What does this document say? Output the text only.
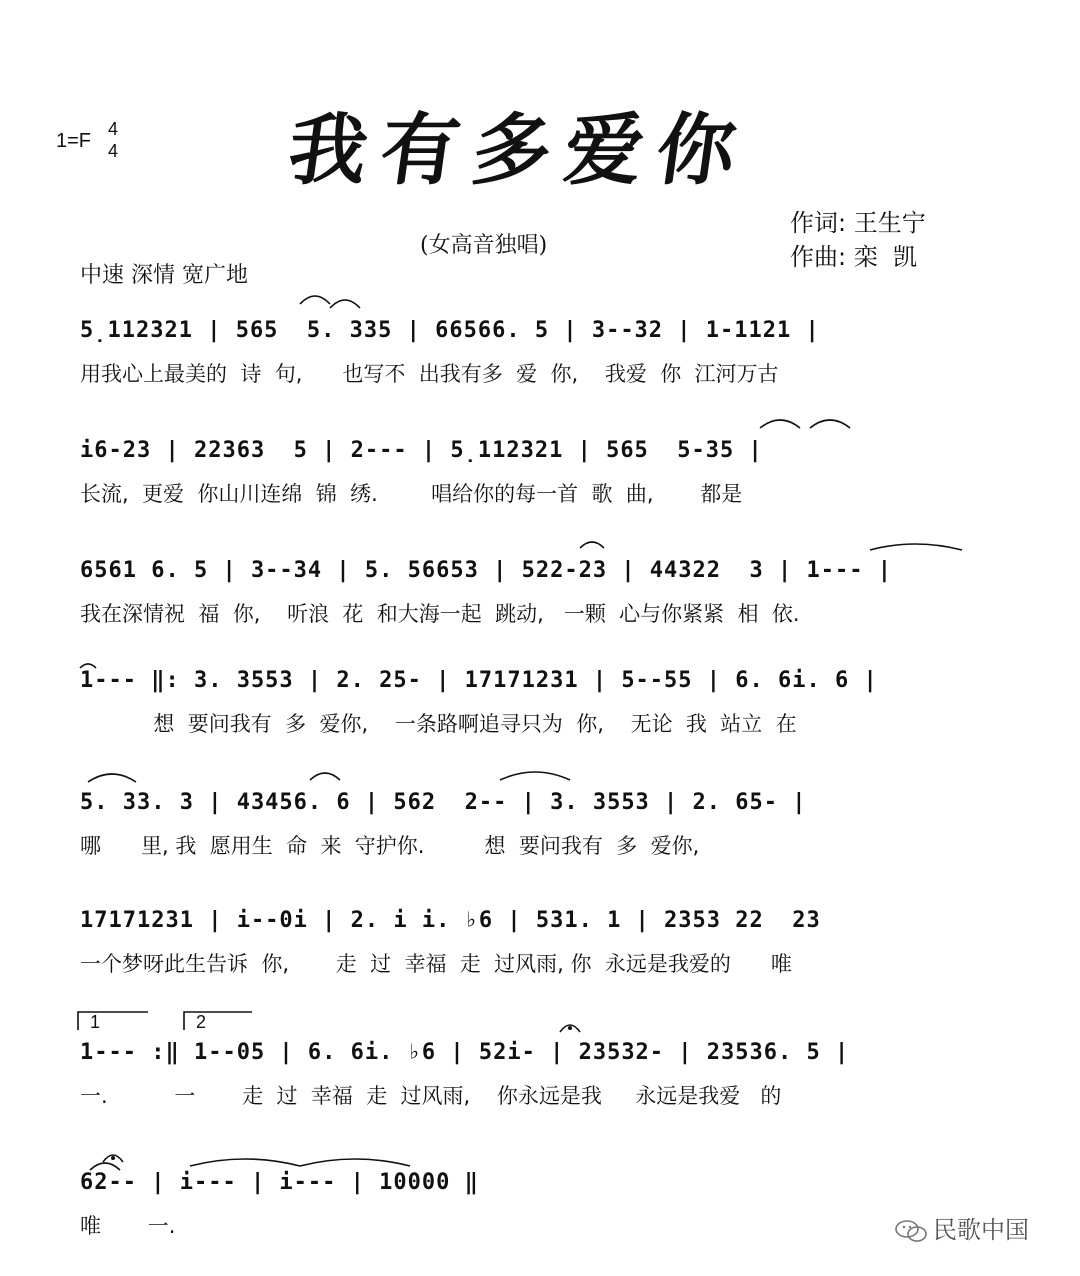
1=F
4
4	我有多爱你
(女高音独唱)
中速 深情 宽广地
作词: 王生宁
作曲: 栾  凯
5̣112321 | 565  5. 335 | 66566. 5 | 3--32 | 1-1121 |
用我心上最美的  诗  句,      也写不  出我有多  爱  你,    我爱  你  江河万古
i6-23 | 22363  5 | 2--- | 5̣112321 | 565  5-35 |
长流,  更爱  你山川连绵  锦  绣.        唱给你的每一首  歌  曲,       都是
6561 6. 5 | 3--34 | 5. 56653 | 522-23 | 44322  3 | 1--- |
我在深情祝  福  你,    听浪  花  和大海一起  跳动,   一颗  心与你紧紧  相  依.
1--- ‖: 3. 3553 | 2. 25- | 17171231 | 5--55 | 6. 6i. 6 |
想  要问我有  多  爱你,    一条路啊追寻只为  你,    无论  我  站立  在
5. 33. 3 | 43456. 6 | 562  2-- | 3. 3553 | 2. 65- |
哪      里, 我  愿用生  命  来  守护你.         想  要问我有  多  爱你,
17171231 | i--0i | 2. i i. ♭6 | 531. 1 | 2353 22  23
一个梦呀此生告诉  你,       走  过  幸福  走  过风雨, 你  永远是我爱的      唯
1	2
1--- :‖ 1--05 | 6. 6i. ♭6 | 52i- | 23532- | 23536. 5 |
一.          一       走  过  幸福  走  过风雨,    你永远是我     永远是我爱   的
62-- | i--- | i--- | 10000 ‖
唯       一.	民歌中国
